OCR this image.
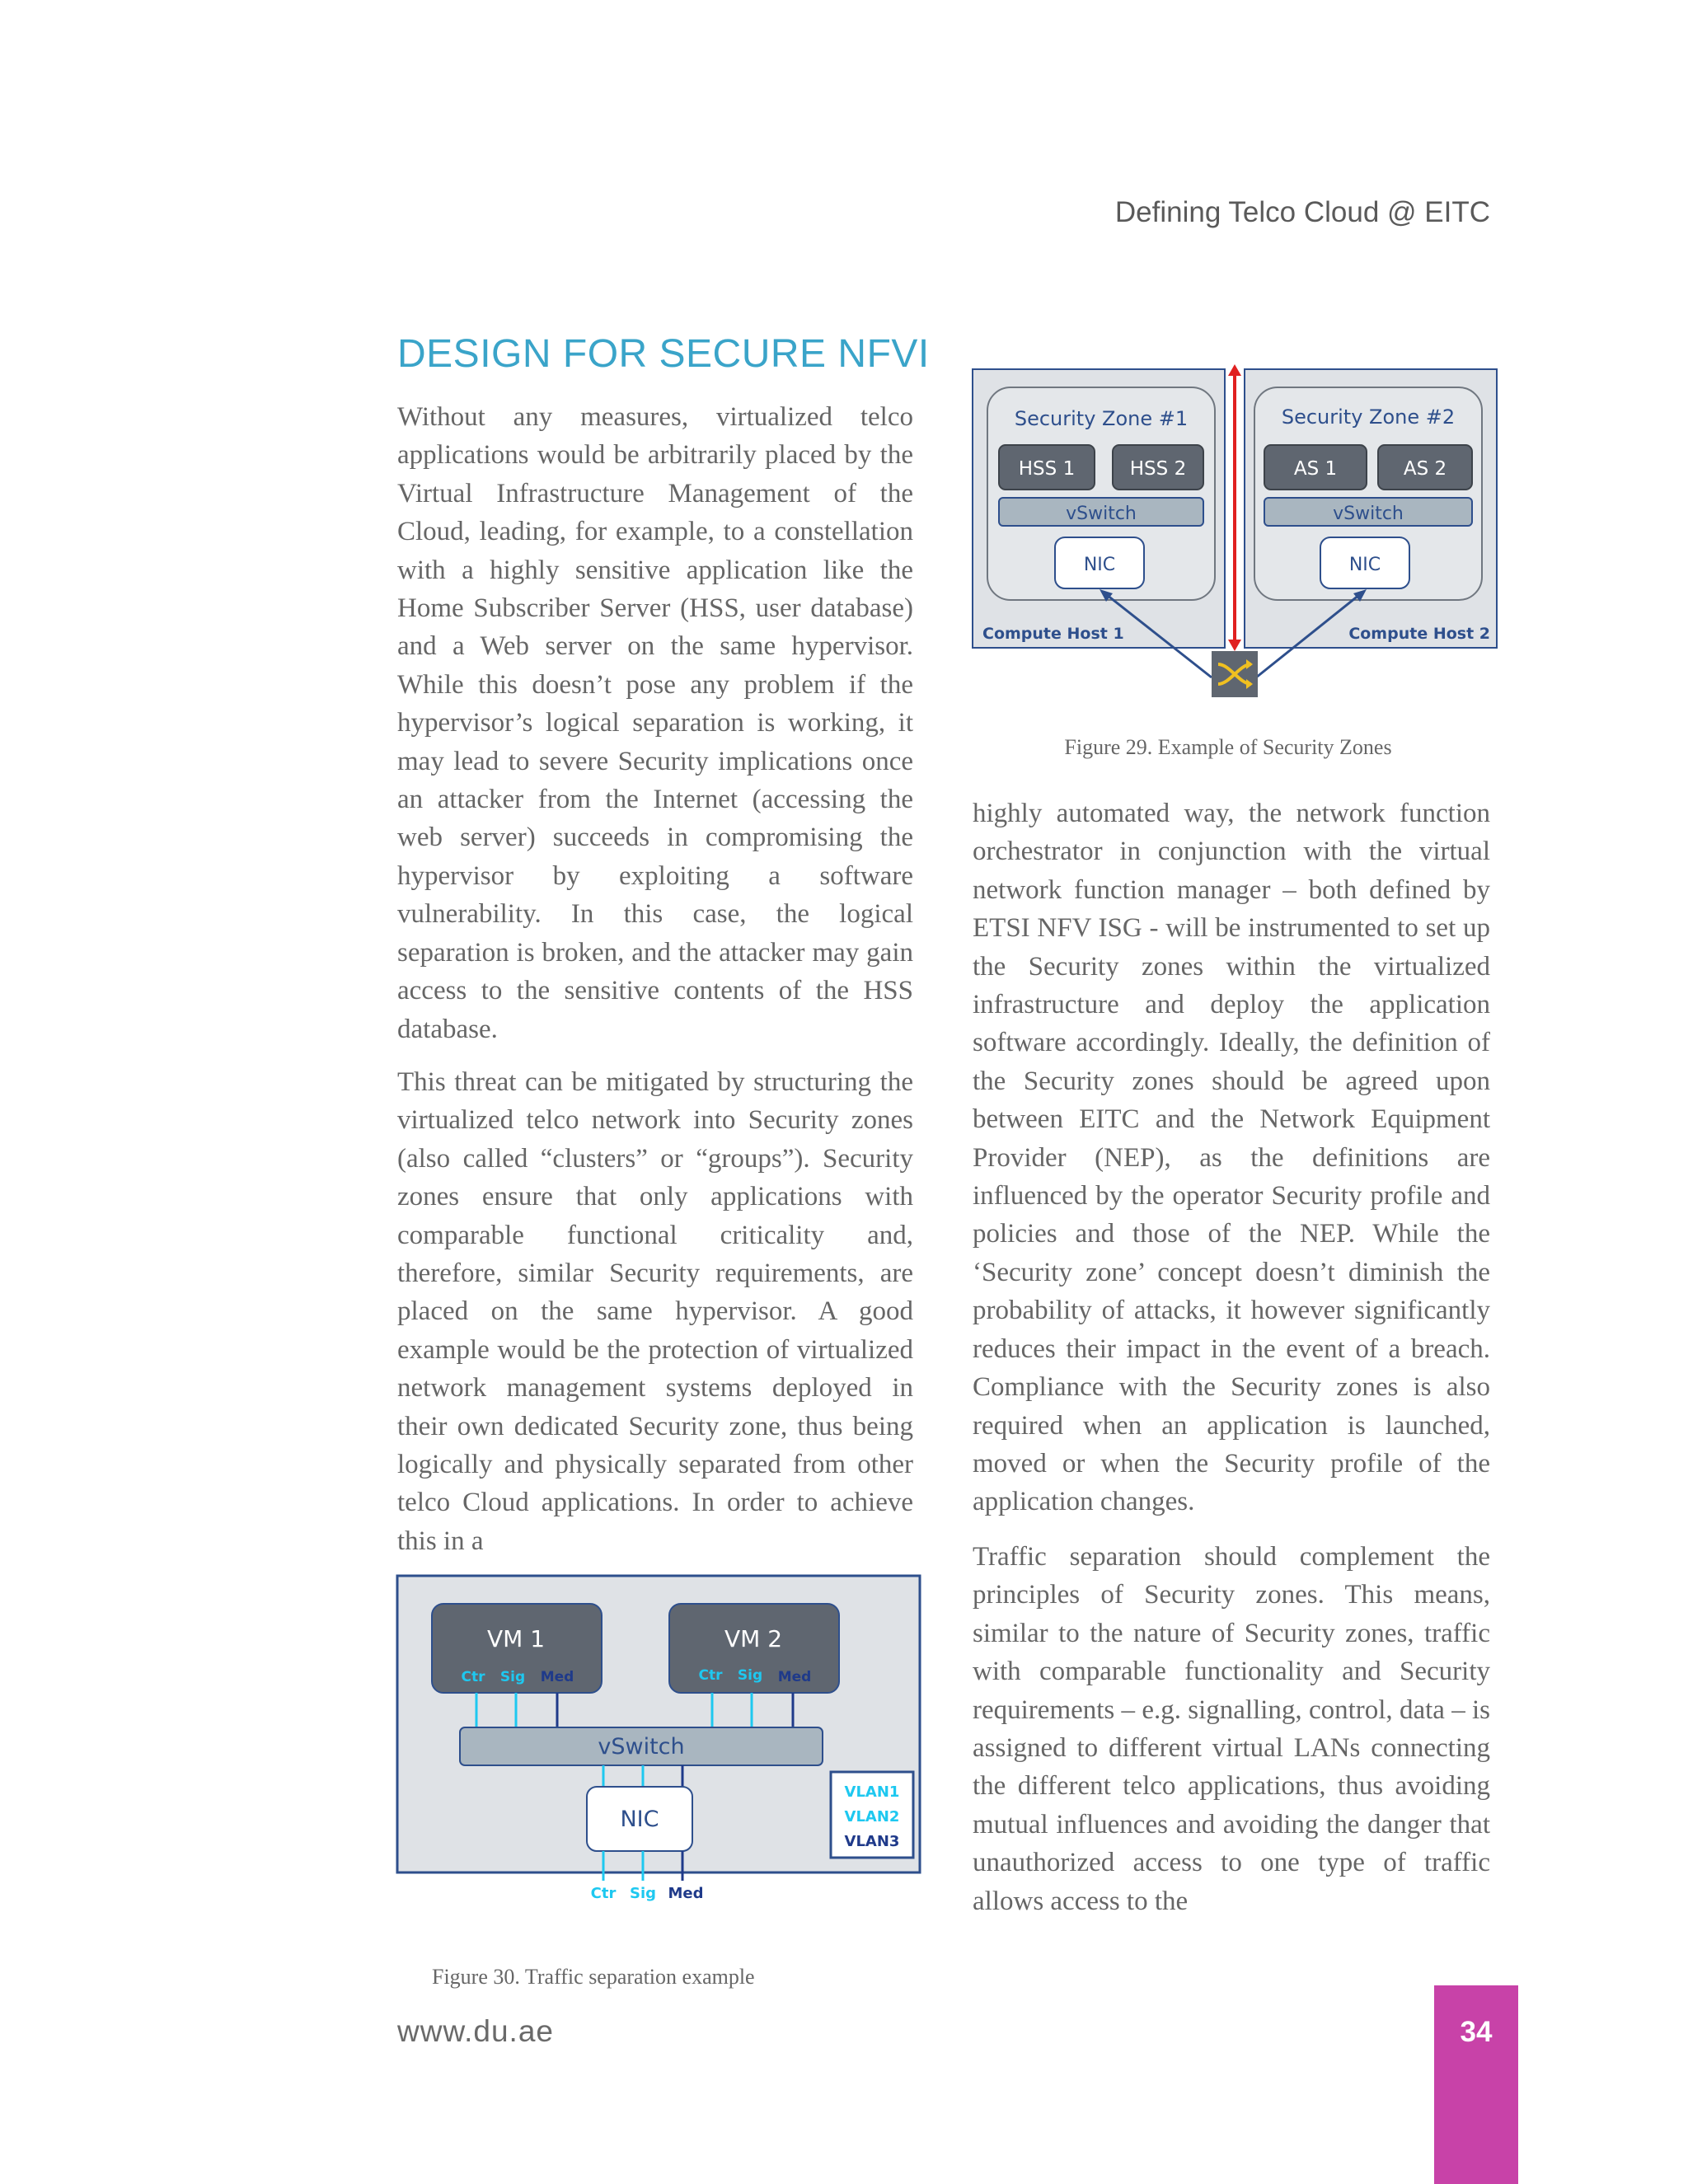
Defining Telco Cloud @ EITC
DESIGN FOR SECURE NFVI

Without any measures, virtualized telco applications would be arbitrarily placed by the Virtual Infrastructure Management of the Cloud, leading, for example, to a constellation with a highly sensitive application like the Home Subscriber Server (HSS, user database) and a Web server on the same hypervisor. While this doesn’t pose any problem if the hypervisor’s logical separation is working, it may lead to severe Security implications once an attacker from the Internet (accessing the web server) succeeds in compromising the hypervisor by exploiting a software vulnerability. In this case, the logical separation is broken, and the attacker may gain access to the sensitive contents of the HSS database.

This threat can be mitigated by structuring the virtualized telco network into Security zones (also called “clusters” or “groups”). Security zones ensure that only applications with comparable functional criticality and, therefore, similar Security requirements, are placed on the same hypervisor. A good example would be the protection of virtualized network management systems deployed in their own dedicated Security zone, thus being logically and physically separated from other telco Cloud applications. In order to achieve this in a

Security Zone #1
HSS 1	HSS 2
vSwitch
NIC
Compute Host 1
Security Zone #2
AS 1	AS 2
vSwitch
NIC
Compute Host 2
Figure 29. Example of Security Zones

highly automated way, the network function orchestrator in conjunction with the virtual network function manager – both defined by ETSI NFV ISG - will be instrumented to set up the Security zones within the virtualized infrastructure and deploy the application software accordingly. Ideally, the definition of the Security zones should be agreed upon between EITC and the Network Equipment Provider (NEP), as the definitions are influenced by the operator Security profile and policies and those of the NEP. While the ‘Security zone’ concept doesn’t diminish the probability of attacks, it however significantly reduces their impact in the event of a breach. Compliance with the Security zones is also required when an application is launched, moved or when the Security profile of the application changes.

Traffic separation should complement the principles of Security zones. This means, similar to the nature of Security zones, traffic with comparable functionality and Security requirements – e.g. signalling, control, data – is assigned to different virtual LANs connecting the different telco applications, thus avoiding mutual influences and avoiding the danger that unauthorized access to one type of traffic allows access to the

VM 1
Ctr Sig Med
VM 2
Ctr Sig Med
vSwitch
NIC
Ctr Sig Med
VLAN1
VLAN2
VLAN3
Figure 30. Traffic separation example
www.du.ae	34
